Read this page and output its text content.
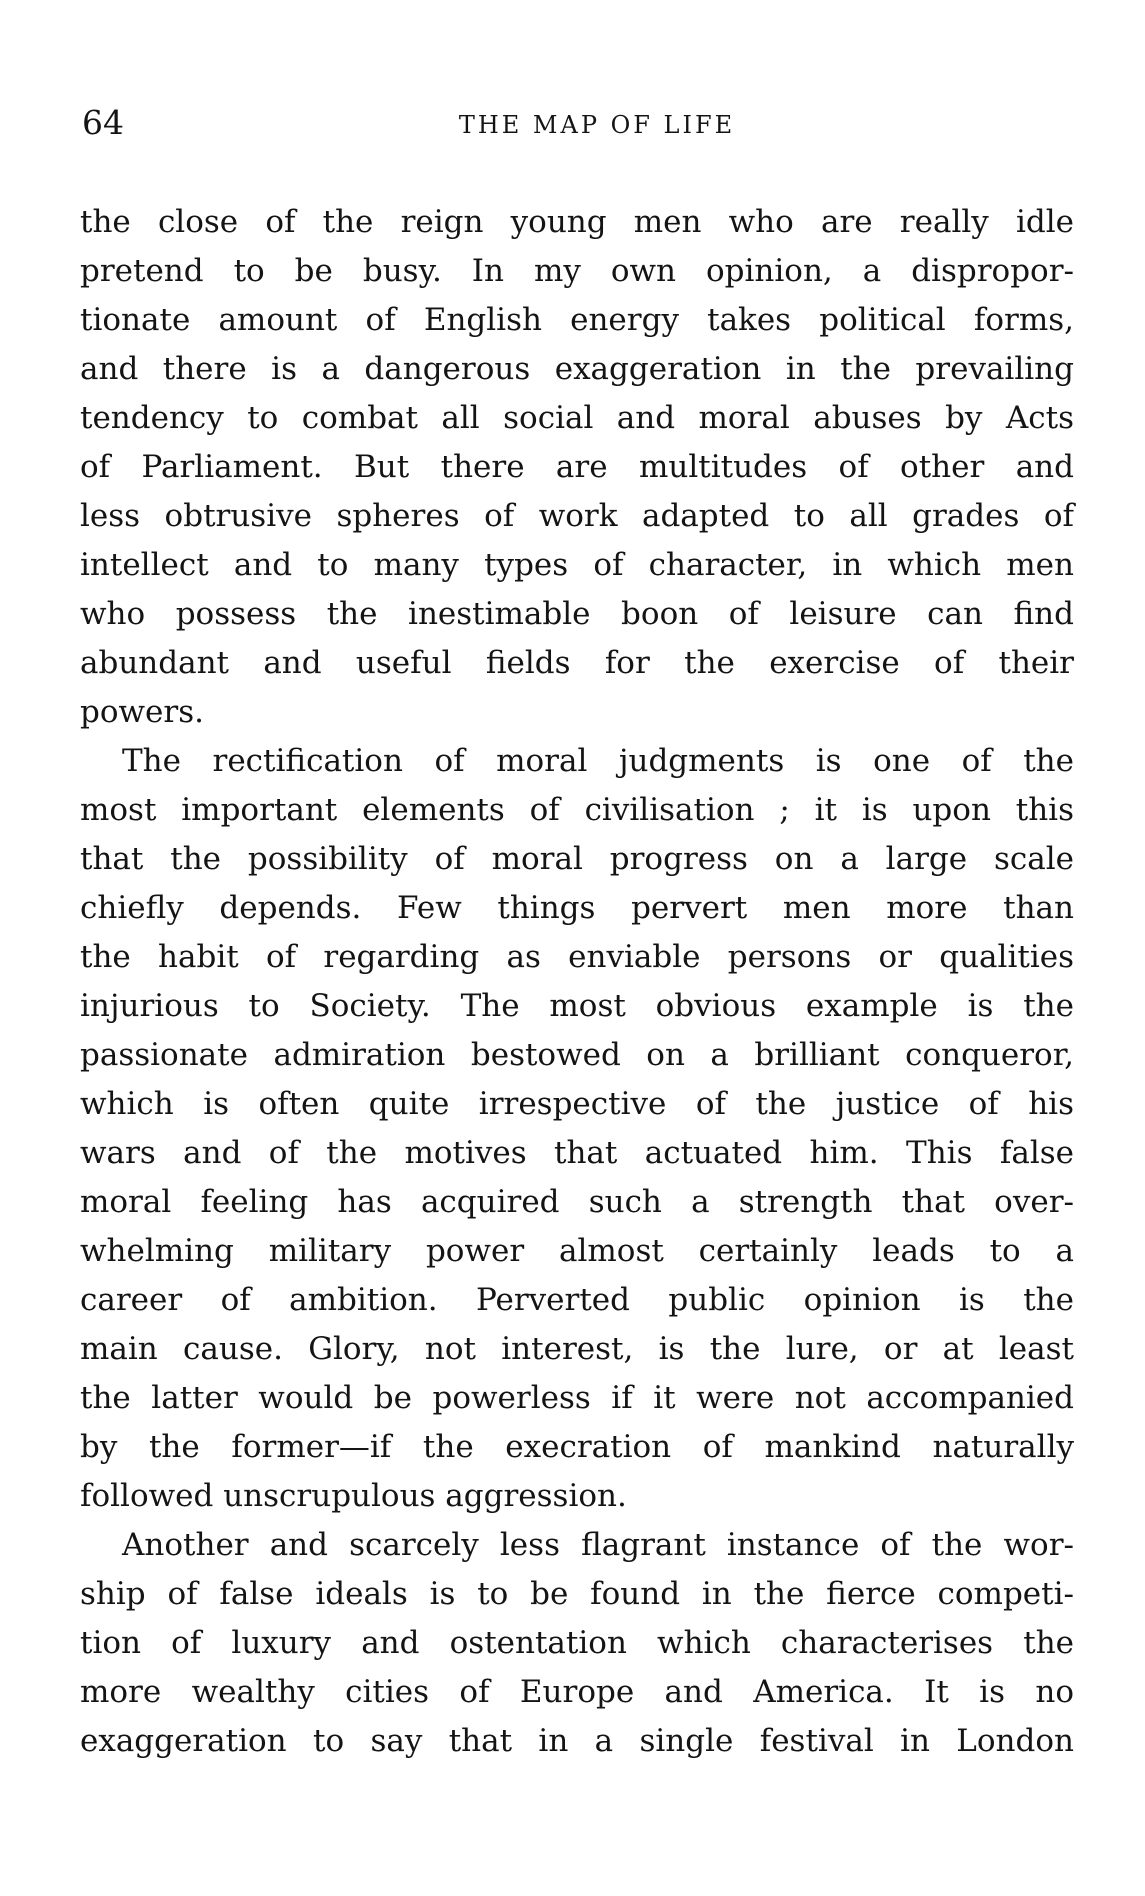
64	THE MAP OF LIFE

the close of the reign young men who are really idle
pretend to be busy. In my own opinion, a dispropor-
tionate amount of English energy takes political forms,
and there is a dangerous exaggeration in the prevailing
tendency to combat all social and moral abuses by Acts
of Parliament. But there are multitudes of other and
less obtrusive spheres of work adapted to all grades of
intellect and to many types of character, in which men
who possess the inestimable boon of leisure can find
abundant and useful fields for the exercise of their
powers.

The rectification of moral judgments is one of the
most important elements of civilisation ; it is upon this
that the possibility of moral progress on a large scale
chiefly depends. Few things pervert men more than
the habit of regarding as enviable persons or qualities
injurious to Society. The most obvious example is the
passionate admiration bestowed on a brilliant conqueror,
which is often quite irrespective of the justice of his
wars and of the motives that actuated him. This false
moral feeling has acquired such a strength that over-
whelming military power almost certainly leads to a
career of ambition. Perverted public opinion is the
main cause. Glory, not interest, is the lure, or at least
the latter would be powerless if it were not accompanied
by the former—if the execration of mankind naturally
followed unscrupulous aggression.

Another and scarcely less flagrant instance of the wor-
ship of false ideals is to be found in the fierce competi-
tion of luxury and ostentation which characterises the
more wealthy cities of Europe and America. It is no
exaggeration to say that in a single festival in London
